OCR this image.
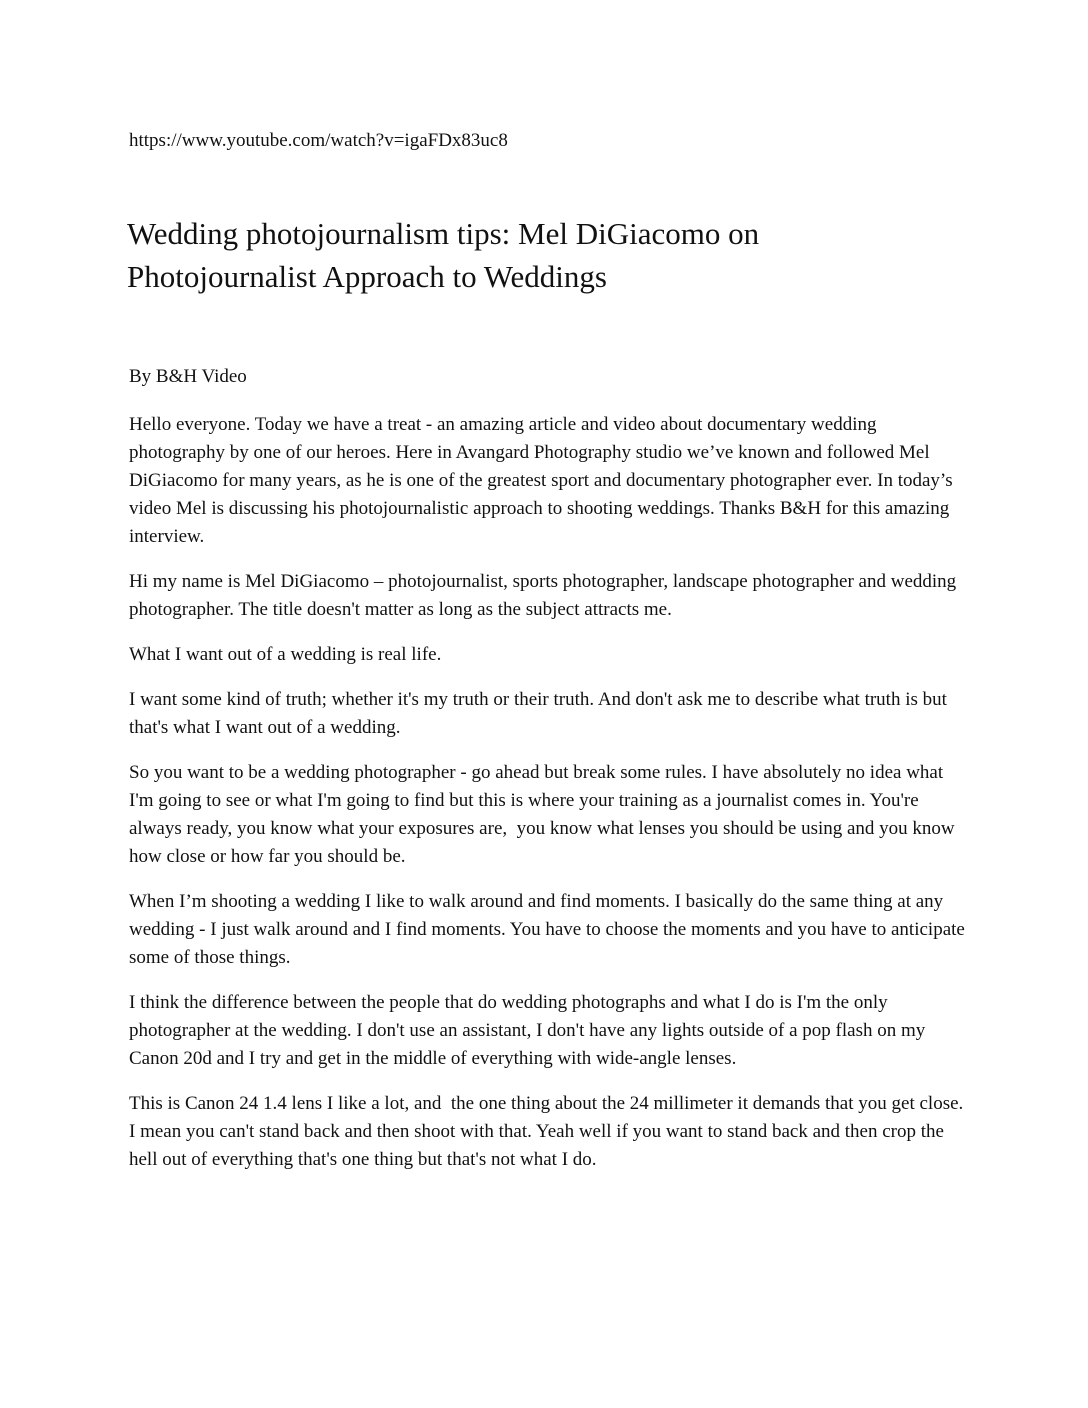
https://www.youtube.com/watch?v=igaFDx83uc8

Wedding photojournalism tips: Mel DiGiacomo on
Photojournalist Approach to Weddings

By B&H Video

Hello everyone. Today we have a treat - an amazing article and video about documentary wedding photography by one of our heroes. Here in Avangard Photography studio we’ve known and followed Mel DiGiacomo for many years, as he is one of the greatest sport and documentary photographer ever. In today’s video Mel is discussing his photojournalistic approach to shooting weddings. Thanks B&H for this amazing interview.

Hi my name is Mel DiGiacomo – photojournalist, sports photographer, landscape photographer and wedding photographer. The title doesn't matter as long as the subject attracts me.

What I want out of a wedding is real life.

I want some kind of truth; whether it's my truth or their truth. And don't ask me to describe what truth is but that's what I want out of a wedding.

So you want to be a wedding photographer - go ahead but break some rules. I have absolutely no idea what I'm going to see or what I'm going to find but this is where your training as a journalist comes in. You're always ready, you know what your exposures are,  you know what lenses you should be using and you know how close or how far you should be.

When I’m shooting a wedding I like to walk around and find moments. I basically do the same thing at any wedding - I just walk around and I find moments. You have to choose the moments and you have to anticipate some of those things.

I think the difference between the people that do wedding photographs and what I do is I'm the only photographer at the wedding. I don't use an assistant, I don't have any lights outside of a pop flash on my Canon 20d and I try and get in the middle of everything with wide-angle lenses.

This is Canon 24 1.4 lens I like a lot, and  the one thing about the 24 millimeter it demands that you get close. I mean you can't stand back and then shoot with that. Yeah well if you want to stand back and then crop the hell out of everything that's one thing but that's not what I do.
